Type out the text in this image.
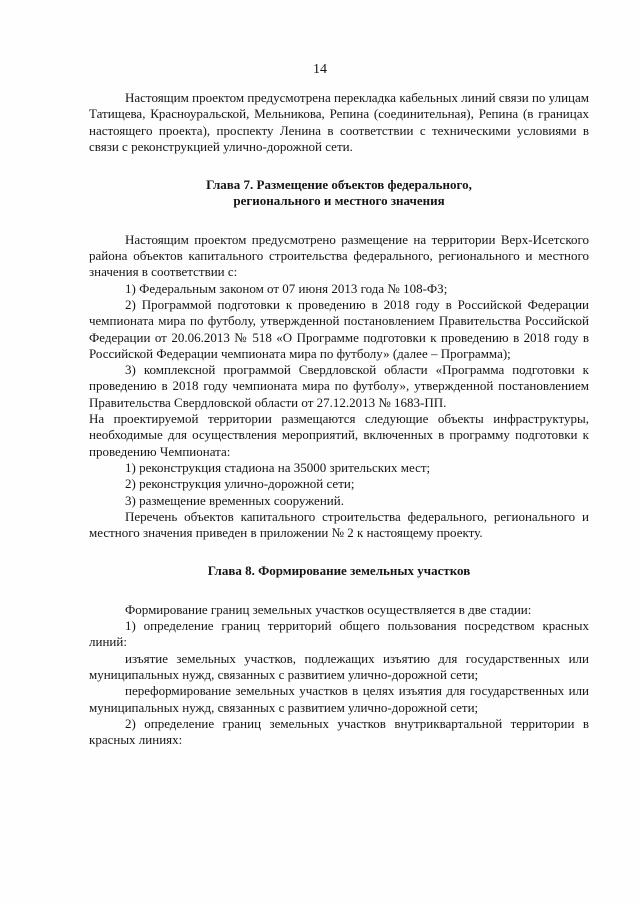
14

Настоящим проектом предусмотрена перекладка кабельных линий связи по улицам Татищева, Красноуральской, Мельникова, Репина (соединительная), Репина (в границах настоящего проекта), проспекту Ленина в соответствии с техническими условиями в связи с реконструкцией улично-дорожной сети.

Глава 7. Размещение объектов федерального,
регионального и местного значения

Настоящим проектом предусмотрено размещение на территории Верх-Исетского района объектов капитального строительства федерального, регионального и местного значения в соответствии с:

1) Федеральным законом от 07 июня 2013 года № 108-ФЗ;

2) Программой подготовки к проведению в 2018 году в Российской Федерации чемпионата мира по футболу, утвержденной постановлением Правительства Российской Федерации от 20.06.2013 № 518 «О Программе подготовки к проведению в 2018 году в Российской Федерации чемпионата мира по футболу» (далее – Программа);

3) комплексной программой Свердловской области «Программа подготовки к проведению в 2018 году чемпионата мира по футболу», утвержденной постановлением Правительства Свердловской области от 27.12.2013 № 1683-ПП.

На проектируемой территории размещаются следующие объекты инфраструктуры, необходимые для осуществления мероприятий, включенных в программу подготовки к проведению Чемпионата:

1) реконструкция стадиона на 35000 зрительских мест;

2) реконструкция улично-дорожной сети;

3) размещение временных сооружений.

Перечень объектов капитального строительства федерального, регионального и местного значения приведен в приложении № 2 к настоящему проекту.

Глава 8. Формирование земельных участков

Формирование границ земельных участков осуществляется в две стадии:

1) определение границ территорий общего пользования посредством красных линий:

изъятие земельных участков, подлежащих изъятию для государственных или муниципальных нужд, связанных с развитием улично-дорожной сети;

переформирование земельных участков в целях изъятия для государственных или муниципальных нужд, связанных с развитием улично-дорожной сети;

2) определение границ земельных участков внутриквартальной территории в красных линиях:
